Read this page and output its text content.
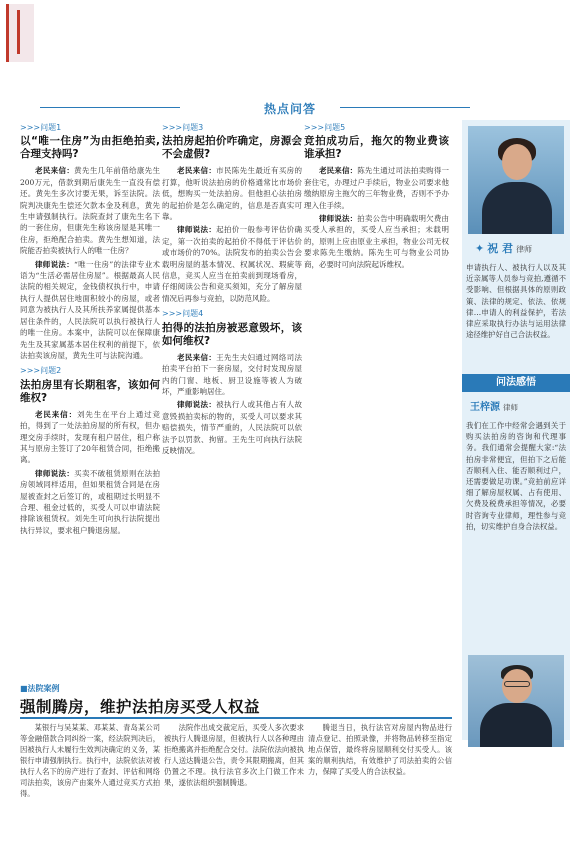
热点问答
>>>问题1
以“唯一住房”为由拒绝拍卖,合理支持吗?
老民来信：黄先生几年前借给康先生200万元，借款到期后康先生一直没有偿还。黄先生多次讨要无果，诉至法院。法院判决康先生偿还欠款本金及利息，黄先生申请强制执行。法院查封了康先生名下的一套住房，但康先生称该房屋是其唯一住房，拒绝配合拍卖。黄先生想知道，法院能否拍卖被执行人的唯一住房？
律师说法：“唯一住房”的法律专业术语为“生活必需居住房屋”。根据最高人民法院的相关规定，金钱债权执行中，申请执行人提供居住地面积较小的房屋，或者同意为被执行人及其所扶养家属提供基本居住条件的，人民法院可以执行被执行人的唯一住房。本案中，法院可以在保障康先生及其家属基本居住权利的前提下，依法拍卖该房屋，黄先生可与法院沟通。
>>>问题2
法拍房里有长期租客，该如何维权?
老民来信：刘先生在平台上通过竞拍，得到了一处法拍房屋的所有权，但办理交房手续时，发现有租户居住，租户称其与原房主签订了20年租赁合同，拒绝搬离。
律师说法：买卖不破租赁原则在法拍房领域同样适用，但如果租赁合同是在房屋被查封之后签订的，或租期过长明显不合理、租金过低的，买受人可以申请法院排除该租赁权。刘先生可向执行法院提出执行异议，要求租户腾退房屋。
>>>问题3
法拍房起拍价咋确定，房源会不会虚假?
老民来信：市民陈先生最近有买房的打算，他听说法拍房的价格通常比市场价低，想购买一处法拍房。但他担心法拍房的起拍价是怎么确定的，信息是否真实可靠。
律师说法：起拍价一般参考评估价确定，第一次拍卖的起拍价不得低于评估价或市场价的70%。法院发布的拍卖公告会载明房屋的基本情况、权属状况、瑕疵等信息，竞买人应当在拍卖前到现场看房，仔细阅读公告和竞买须知，充分了解房屋情况后再参与竞拍，以防范风险。
>>>问题4
拍得的法拍房被恶意毁坏，该如何维权?
老民来信：王先生夫妇通过网络司法拍卖平台拍下一套房屋，交付时发现房屋内的门窗、地板、厨卫设施等被人为破坏，严重影响居住。
律师说法：被执行人或其他占有人故意毁损拍卖标的物的，买受人可以要求其赔偿损失，情节严重的，人民法院可以依法予以罚款、拘留。王先生可向执行法院反映情况。
>>>问题5
竞拍成功后，拖欠的物业费该谁承担?
老民来信：陈先生通过司法拍卖购得一套住宅，办理过户手续后，物业公司要求他缴纳原房主拖欠的三年物业费，否则不予办理入住手续。
律师说法：拍卖公告中明确载明欠费由买受人承担的，买受人应当承担；未载明的，原则上应由原业主承担，物业公司无权要求陈先生缴纳。陈先生可与物业公司协商，必要时可向法院起诉维权。
✦ 祝 君 律师
申请执行人、被执行人以及其近亲属等人员参与竞拍,遵循不受影响、但根据具体的原则政策、法律的规定、依法、依规律…申请人的利益保护，若法律应采取执行办法与运用法律途径维护好自己合法权益。
问法感悟
王梓源 律师
我们在工作中经常会遇到关于购买法拍房的咨询和代理事务。我们通常会提醒大家:“法拍房非常便宜，但拍下之后能否顺利入住、能否顺利过户，还需要做足功课。”竞拍前应详细了解房屋权属、占有使用、欠费及税费承担等情况，必要时咨询专业律师，理性参与竞拍，切实维护自身合法权益。
■法院案例
强制腾房，维护法拍房买受人权益
某银行与吴某某、邓某某、青岛某公司等金融借款合同纠纷一案，经法院判决后，因被执行人未履行生效判决确定的义务，某银行申请强制执行。执行中，法院依法对被执行人名下的房产进行了查封、评估和网络司法拍卖，该房产由案外人通过竞买方式拍得。
法院作出成交裁定后，买受人多次要求被执行人腾退房屋，但被执行人以各种理由拒绝搬离并拒绝配合交付。法院依法向被执行人送达腾退公告，责令其限期搬离，但其仍置之不理。执行法官多次上门做工作未果，遂依法组织强制腾退。
腾退当日，执行法官对房屋内物品进行清点登记、拍照录像，并将物品转移至指定地点保管，最终将房屋顺利交付买受人。该案的顺利执结，有效维护了司法拍卖的公信力，保障了买受人的合法权益。
